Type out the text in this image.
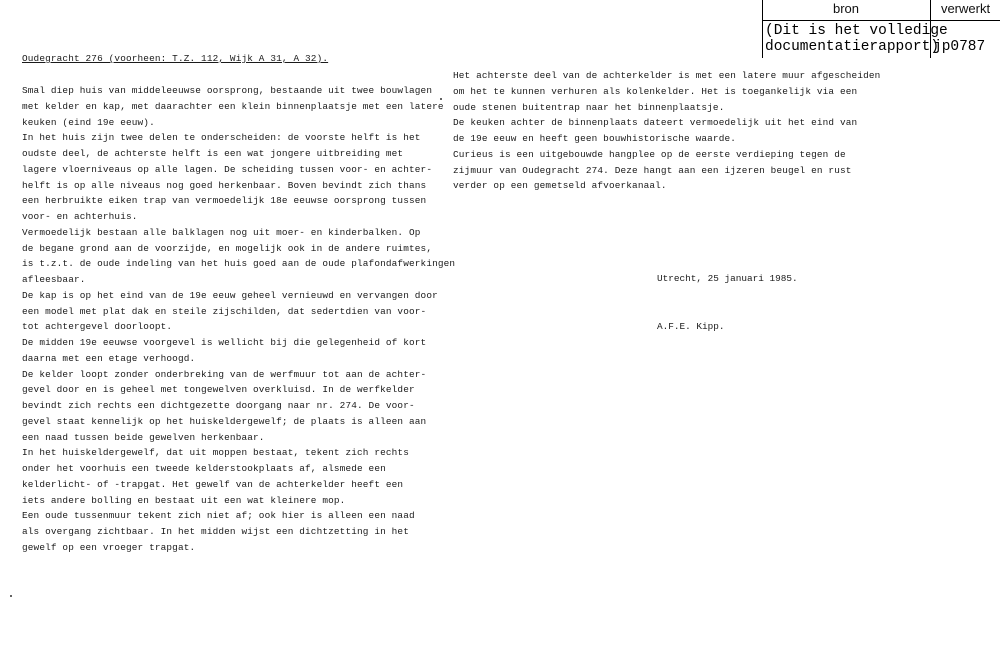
bron	verwerkt
(Dit is het volledige
documentatierapport)
jp0787
Oudegracht 276 (voorheen: T.Z. 112, Wijk A 31, A 32).
Smal diep huis van middeleeuwse oorsprong, bestaande uit twee bouwlagen
met kelder en kap, met daarachter een klein binnenplaatsje met een latere
keuken (eind 19e eeuw).
In het huis zijn twee delen te onderscheiden: de voorste helft is het
oudste deel, de achterste helft is een wat jongere uitbreiding met
lagere vloerniveaus op alle lagen. De scheiding tussen voor- en achter-
helft is op alle niveaus nog goed herkenbaar. Boven bevindt zich thans
een herbruikte eiken trap van vermoedelijk 18e eeuwse oorsprong tussen
voor- en achterhuis.
Vermoedelijk bestaan alle balklagen nog uit moer- en kinderbalken. Op
de begane grond aan de voorzijde, en mogelijk ook in de andere ruimtes,
is t.z.t. de oude indeling van het huis goed aan de oude plafondafwerkingen
afleesbaar.
De kap is op het eind van de 19e eeuw geheel vernieuwd en vervangen door
een model met plat dak en steile zijschilden, dat sedertdien van voor-
tot achtergevel doorloopt.
De midden 19e eeuwse voorgevel is wellicht bij die gelegenheid of kort
daarna met een etage verhoogd.
De kelder loopt zonder onderbreking van de werfmuur tot aan de achter-
gevel door en is geheel met tongewelven overkluisd. In de werfkelder
bevindt zich rechts een dichtgezette doorgang naar nr. 274. De voor-
gevel staat kennelijk op het huiskeldergewelf; de plaats is alleen aan
een naad tussen beide gewelven herkenbaar.
In het huiskeldergewelf, dat uit moppen bestaat, tekent zich rechts
onder het voorhuis een tweede kelderstookplaats af, alsmede een
kelderlicht- of -trapgat. Het gewelf van de achterkelder heeft een
iets andere bolling en bestaat uit een wat kleinere mop.
Een oude tussenmuur tekent zich niet af; ook hier is alleen een naad
als overgang zichtbaar. In het midden wijst een dichtzetting in het
gewelf op een vroeger trapgat.
Het achterste deel van de achterkelder is met een latere muur afgescheiden
om het te kunnen verhuren als kolenkelder. Het is toegankelijk via een
oude stenen buitentrap naar het binnenplaatsje.
De keuken achter de binnenplaats dateert vermoedelijk uit het eind van
de 19e eeuw en heeft geen bouwhistorische waarde.
Curieus is een uitgebouwde hangplee op de eerste verdieping tegen de
zijmuur van Oudegracht 274. Deze hangt aan een ijzeren beugel en rust
verder op een gemetseld afvoerkanaal.

Utrecht, 25 januari 1985.

A.F.E. Kipp.
